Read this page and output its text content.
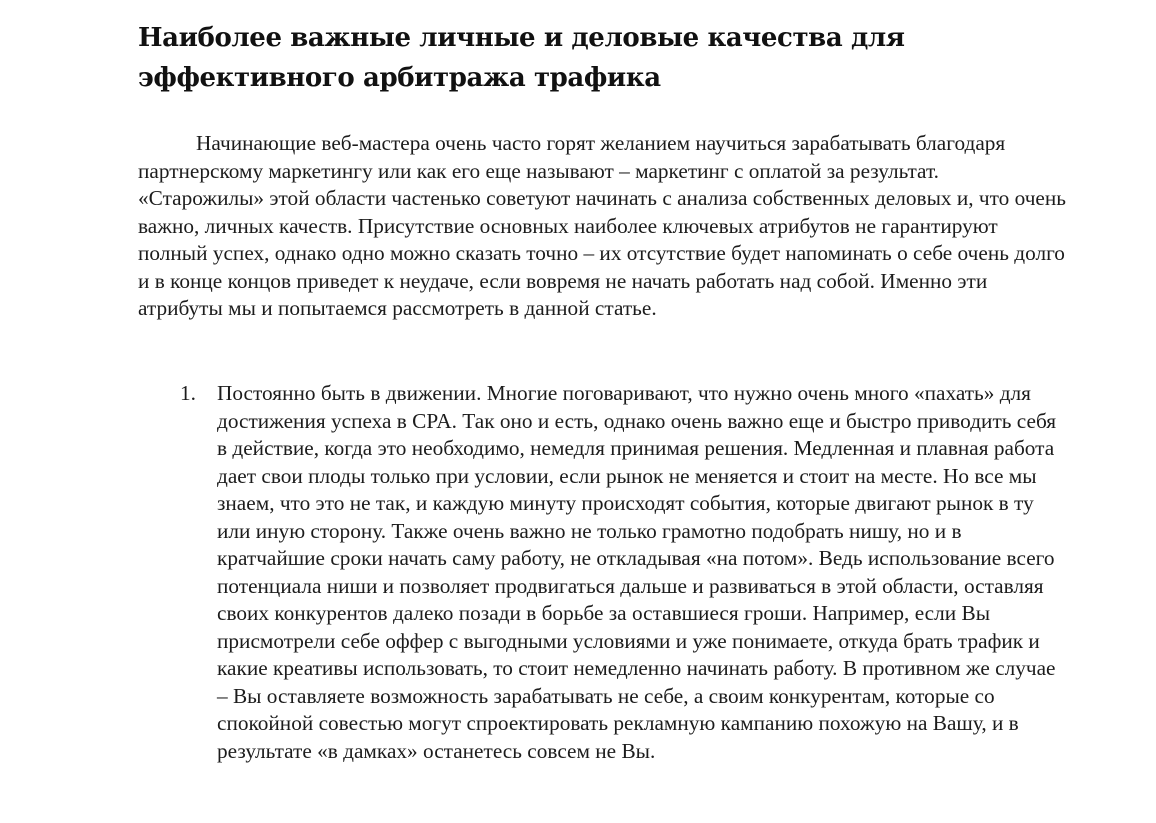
Наиболее важные личные и деловые качества для эффективного арбитража трафика

Начинающие веб-мастера очень часто горят желанием научиться зарабатывать благодаря партнерскому маркетингу или как его еще называют – маркетинг с оплатой за результат. «Старожилы» этой области частенько советуют начинать с анализа собственных деловых и, что очень важно, личных качеств. Присутствие основных наиболее ключевых атрибутов не гарантируют полный успех, однако одно можно сказать точно – их отсутствие будет напоминать о себе очень долго и в конце концов приведет к неудаче, если вовремя не начать работать над собой. Именно эти атрибуты мы и попытаемся рассмотреть в данной статье.

1. Постоянно быть в движении. Многие поговаривают, что нужно очень много «пахать» для достижения успеха в CPA. Так оно и есть, однако очень важно еще и быстро приводить себя в действие, когда это необходимо, немедля принимая решения. Медленная и плавная работа дает свои плоды только при условии, если рынок не меняется и стоит на месте. Но все мы знаем, что это не так, и каждую минуту происходят события, которые двигают рынок в ту или иную сторону. Также очень важно не только грамотно подобрать нишу, но и в кратчайшие сроки начать саму работу, не откладывая «на потом». Ведь использование всего потенциала ниши и позволяет продвигаться дальше и развиваться в этой области, оставляя своих конкурентов далеко позади в борьбе за оставшиеся гроши. Например, если Вы присмотрели себе оффер с выгодными условиями и уже понимаете, откуда брать трафик и какие креативы использовать, то стоит немедленно начинать работу. В противном же случае – Вы оставляете возможность зарабатывать не себе, а своим конкурентам, которые со спокойной совестью могут спроектировать рекламную кампанию похожую на Вашу, и в результате «в дамках» останетесь совсем не Вы.
